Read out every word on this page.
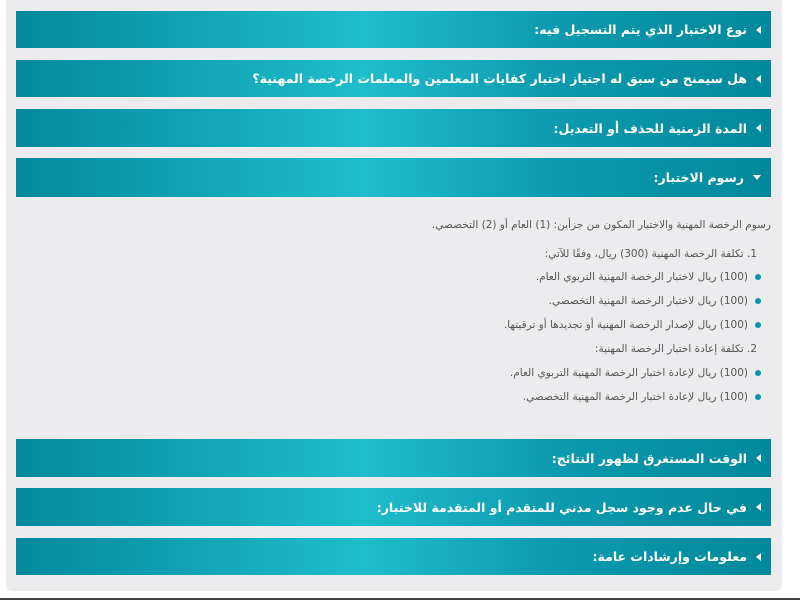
نوع الاختبار الذي يتم التسجيل فيه:
هل سيمنح من سبق له اجتياز اختبار كفايات المعلمين والمعلمات الرخصة المهنية؟
المدة الزمنية للحذف أو التعديل:
رسوم الاختبار:
رسوم الرخصة المهنية والاختبار المكون من جزأين: (1) العام أو (2) التخصصي.
1. تكلفة الرخصة المهنية (300) ريال، وفقًا للآتي:
(100) ريال لاختبار الرخصة المهنية التربوي العام.
(100) ريال لاختبار الرخصة المهنية التخصصي.
(100) ريال لإصدار الرخصة المهنية أو تجديدها أو ترقيتها.
2. تكلفة إعادة اختبار الرخصة المهنية:
(100) ريال لإعادة اختبار الرخصة المهنية التربوي العام.
(100) ريال لإعادة اختبار الرخصة المهنية التخصصي.
الوقت المستغرق لظهور النتائج:
في حال عدم وجود سجل مدني للمتقدم أو المتقدمة للاختبار:
معلومات وإرشادات عامة:
